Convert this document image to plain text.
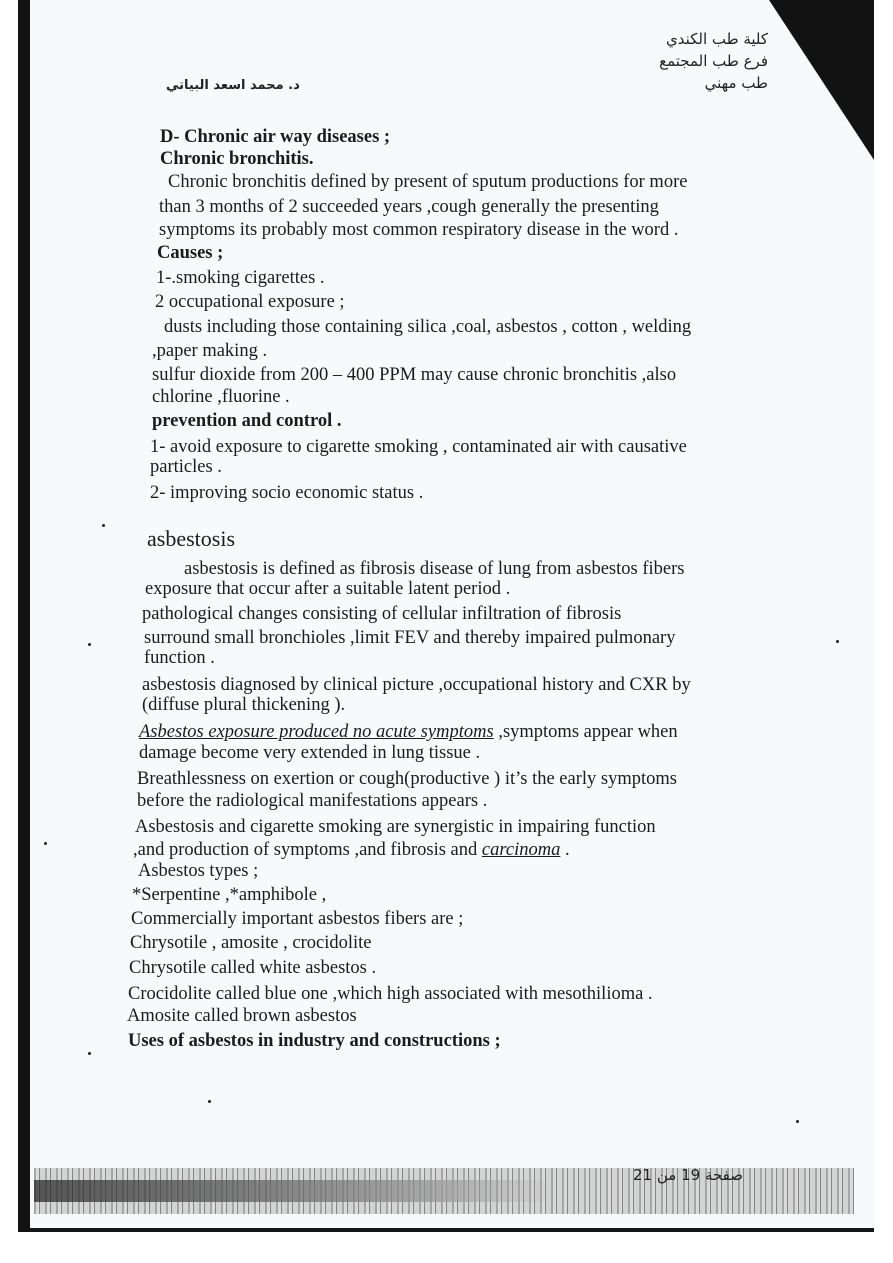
كلية طب الكندي
فرع طب المجتمع
طب مهني
د. محمد اسعد البياتي
D- Chronic air way diseases ;
Chronic bronchitis.
Chronic bronchitis defined by present of sputum productions for more
than 3 months of 2 succeeded years ,cough generally the presenting
symptoms its probably most common respiratory disease in the word .
Causes ;
1-.smoking cigarettes .
2 occupational exposure ;
dusts including those containing silica ,coal, asbestos , cotton , welding
,paper making .
sulfur dioxide from 200 – 400 PPM may cause chronic bronchitis ,also
chlorine ,fluorine .
prevention and control .
1- avoid exposure to cigarette smoking , contaminated air with causative
particles .
2- improving socio economic status .
asbestosis
asbestosis is defined as fibrosis disease of lung from asbestos fibers
exposure that occur after a suitable latent period .
pathological changes consisting of cellular infiltration of fibrosis
surround small bronchioles ,limit FEV and thereby impaired pulmonary
function .
asbestosis diagnosed by clinical picture ,occupational history and CXR by
(diffuse plural thickening ).
Asbestos exposure produced no acute symptoms ,symptoms appear when
damage become very extended in lung tissue .
Breathlessness on exertion or cough(productive ) it’s the early symptoms
before the radiological manifestations appears .
Asbestosis and cigarette smoking are synergistic in impairing function
,and production of symptoms ,and fibrosis and carcinoma .
Asbestos types ;
*Serpentine ,*amphibole ,
Commercially important asbestos fibers are ;
Chrysotile , amosite , crocidolite
Chrysotile called white asbestos .
Crocidolite called blue one ,which high associated with mesothilioma .
Amosite called brown asbestos
Uses of asbestos in industry and constructions ;
صفحة 19 من 21
